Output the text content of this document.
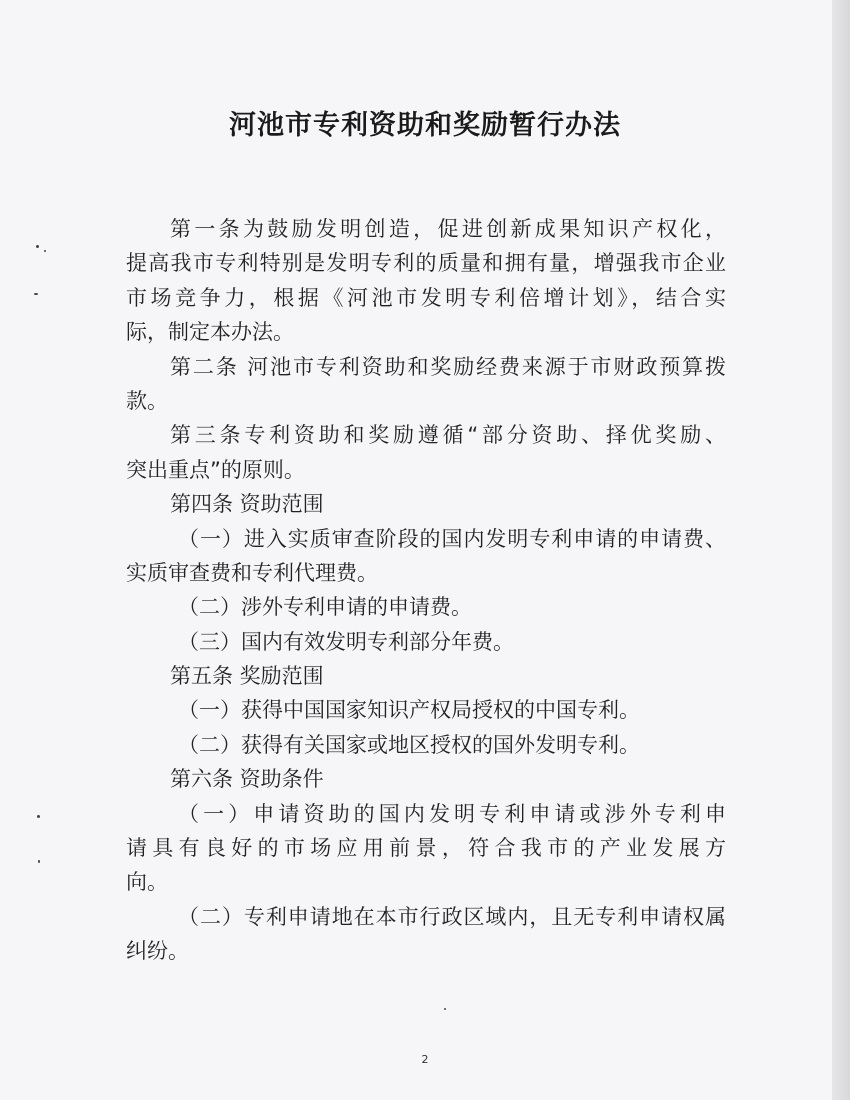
河池市专利资助和奖励暂行办法
第一条为鼓励发明创造，促进创新成果知识产权化，
提高我市专利特别是发明专利的质量和拥有量，增强我市企业
市场竞争力，根据《河池市发明专利倍增计划》，结合实
际，制定本办法。
第二条 河池市专利资助和奖励经费来源于市财政预算拨
款。
第三条专利资助和奖励遵循“部分资助、择优奖励、
突出重点”的原则。
第四条 资助范围
（一）进入实质审查阶段的国内发明专利申请的申请费、
实质审查费和专利代理费。
（二）涉外专利申请的申请费。
（三）国内有效发明专利部分年费。
第五条 奖励范围
（一）获得中国国家知识产权局授权的中国专利。
（二）获得有关国家或地区授权的国外发明专利。
第六条 资助条件
（一）申请资助的国内发明专利申请或涉外专利申
请具有良好的市场应用前景，符合我市的产业发展方
向。
（二）专利申请地在本市行政区域内，且无专利申请权属
纠纷。
2
